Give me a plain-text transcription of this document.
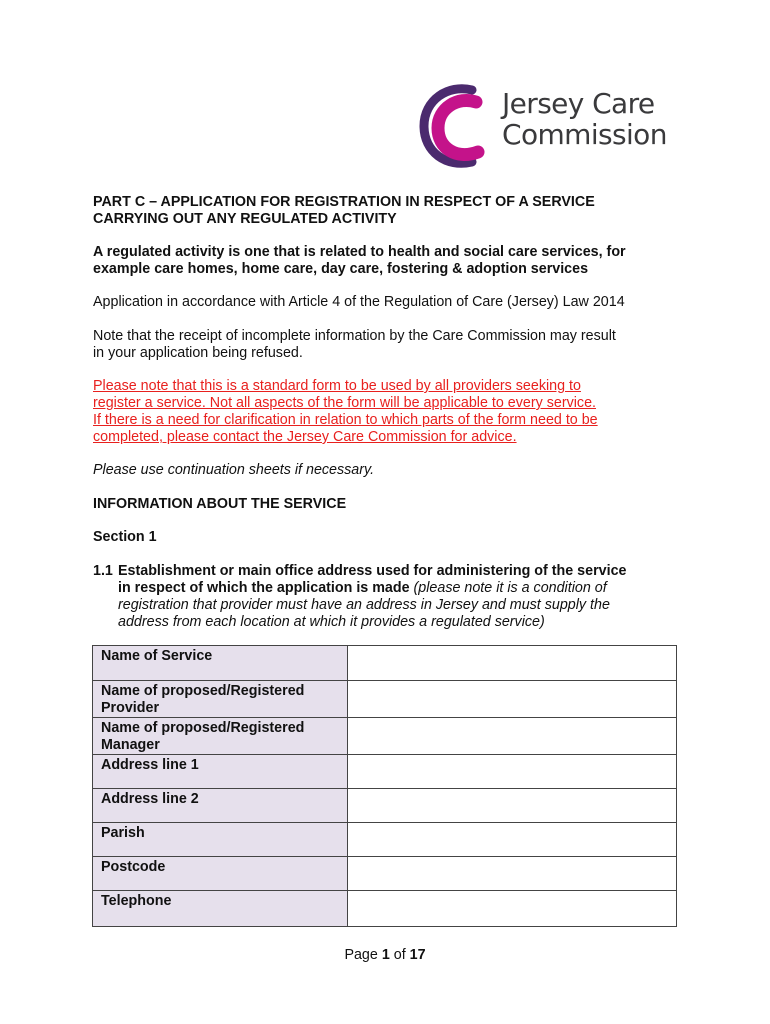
Jersey Care
Commission
PART C – APPLICATION FOR REGISTRATION IN RESPECT OF A SERVICE
CARRYING OUT ANY REGULATED ACTIVITY
A regulated activity is one that is related to health and social care services, for
example care homes, home care, day care, fostering & adoption services
Application in accordance with Article 4 of the Regulation of Care (Jersey) Law 2014
Note that the receipt of incomplete information by the Care Commission may result
in your application being refused.
Please note that this is a standard form to be used by all providers seeking to
register a service. Not all aspects of the form will be applicable to every service.
If there is a need for clarification in relation to which parts of the form need to be
completed, please contact the Jersey Care Commission for advice.
Please use continuation sheets if necessary.
INFORMATION ABOUT THE SERVICE
Section 1
1.1 Establishment or main office address used for administering of the service
in respect of which the application is made (please note it is a condition of
registration that provider must have an address in Jersey and must supply the
address from each location at which it provides a regulated service)
Name of Service	
Name of proposed/Registered Provider	
Name of proposed/Registered Manager	
Address line 1	
Address line 2	
Parish	
Postcode	
Telephone	
Page 1 of 17
